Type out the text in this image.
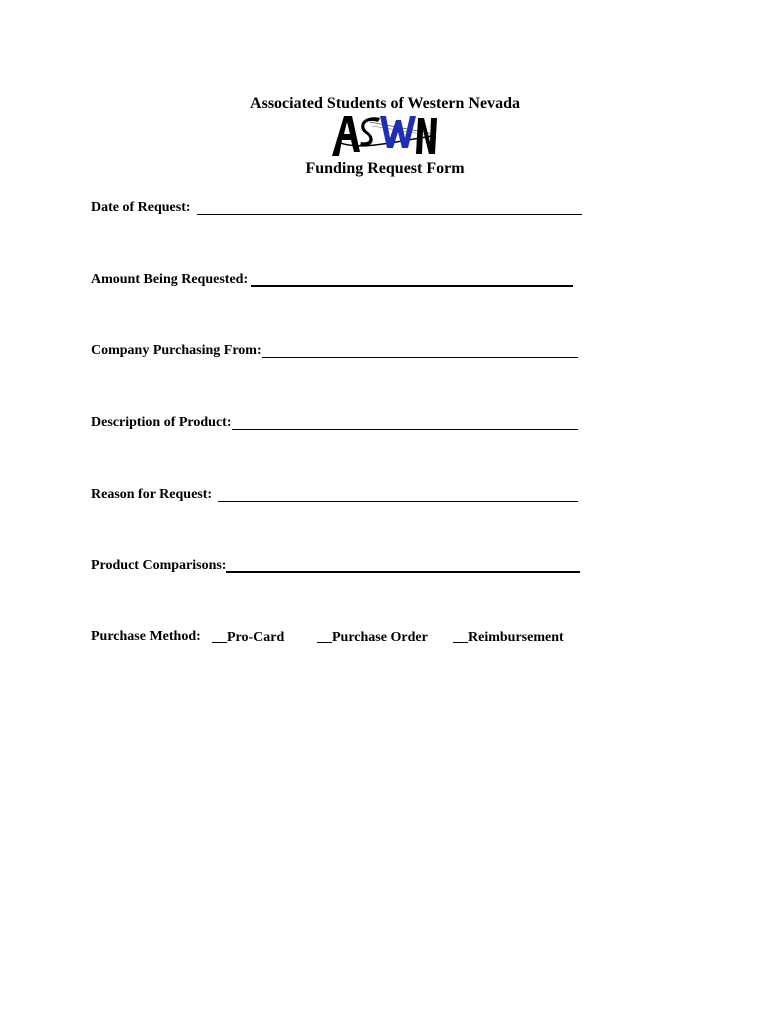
Associated Students of Western Nevada
Funding Request Form
Date of Request:
Amount Being Requested:
Company Purchasing From:
Description of Product:
Reason for Request:
Product Comparisons:
Purchase Method:	Pro-Card	Purchase Order	Reimbursement
